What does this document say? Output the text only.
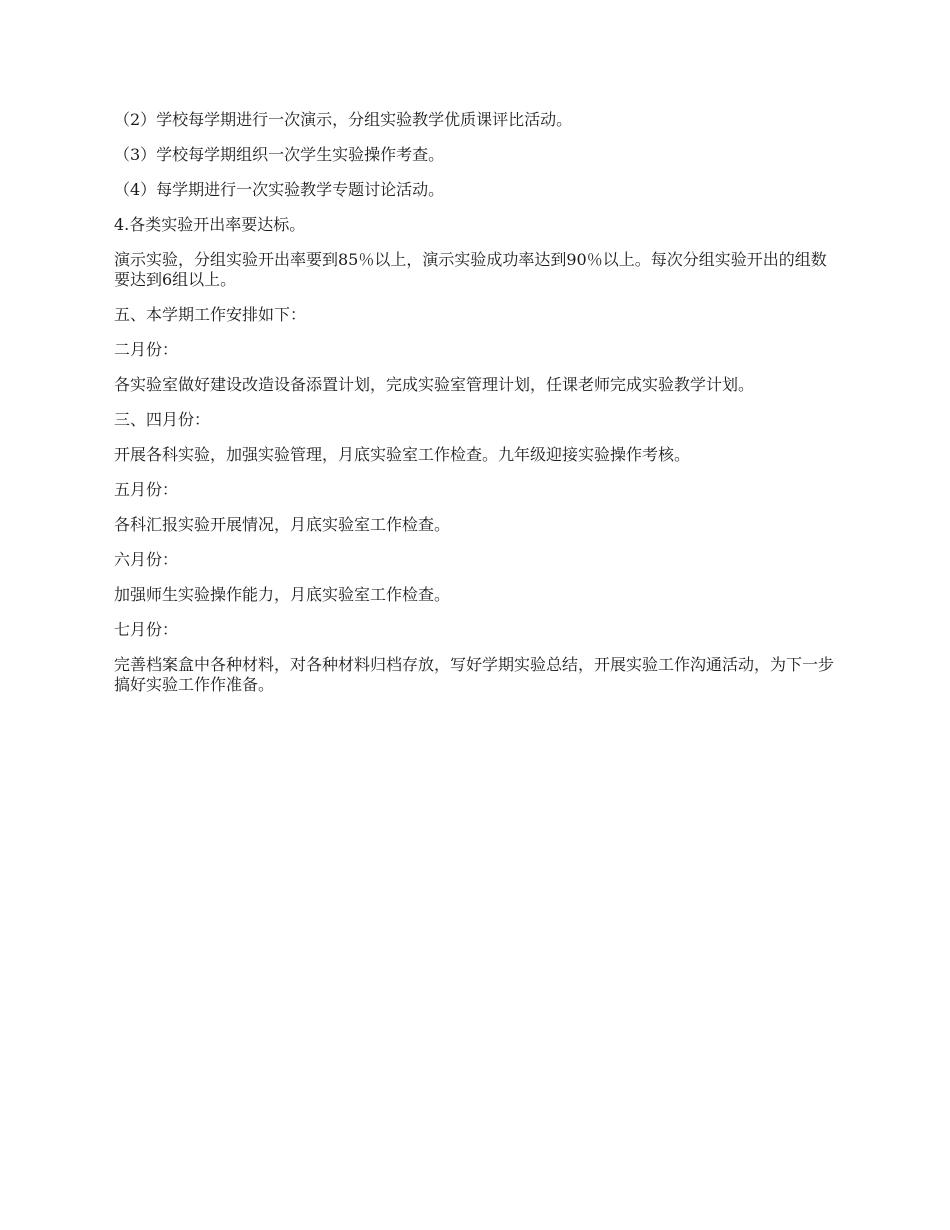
（2）学校每学期进行一次演示，分组实验教学优质课评比活动。

（3）学校每学期组织一次学生实验操作考查。

（4）每学期进行一次实验教学专题讨论活动。

4.各类实验开出率要达标。

演示实验，分组实验开出率要到85％以上，演示实验成功率达到90％以上。每次分组实验开出的组数要达到6组以上。

五、本学期工作安排如下：

二月份：

各实验室做好建设改造设备添置计划，完成实验室管理计划，任课老师完成实验教学计划。

三、四月份：

开展各科实验，加强实验管理，月底实验室工作检查。九年级迎接实验操作考核。

五月份：

各科汇报实验开展情况，月底实验室工作检查。

六月份：

加强师生实验操作能力，月底实验室工作检查。

七月份：

完善档案盒中各种材料，对各种材料归档存放，写好学期实验总结，开展实验工作沟通活动，为下一步搞好实验工作作准备。
